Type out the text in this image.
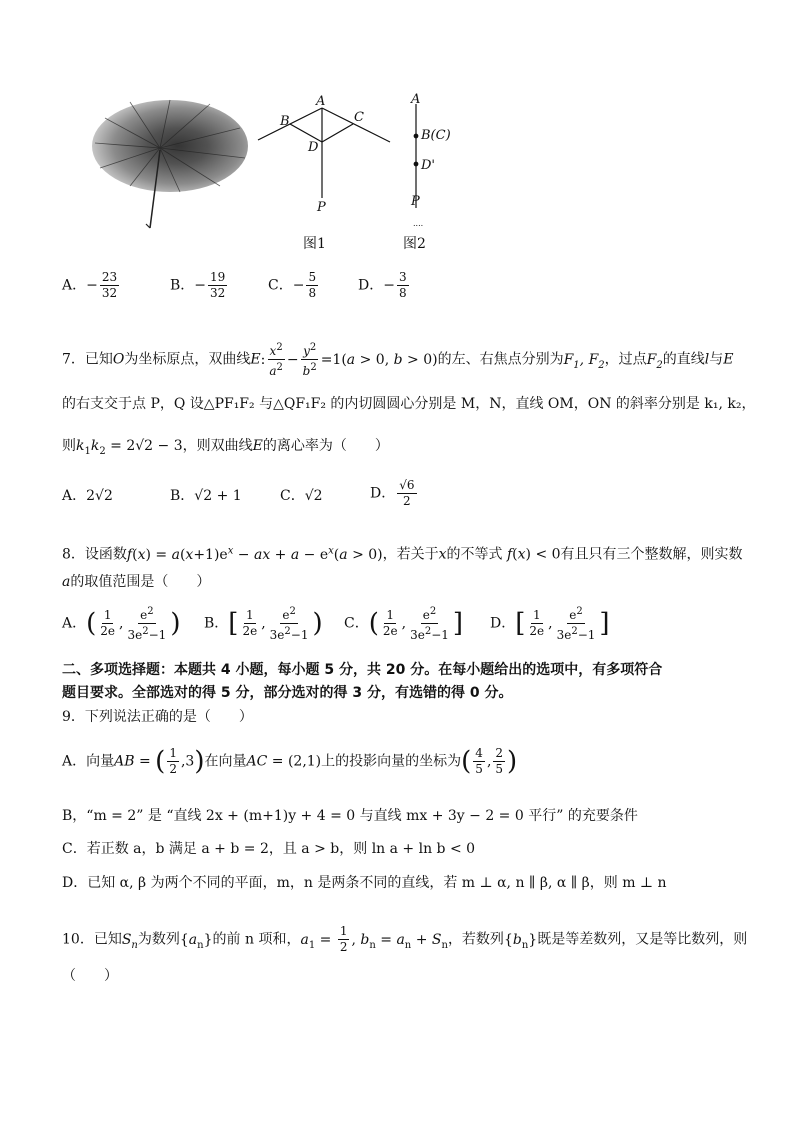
A
B	C
D
P
A
B(C)
D'
P
....
图1	图2
A．− $\frac{23}{32}$	B．− $\frac{19}{32}$	C．− $\frac{5}{8}$	D．− $\frac{3}{8}$
7．已知O为坐标原点，双曲线E: $\frac{x^2}{a^2} - \frac{y^2}{b^2} =1(a > 0$, b > 0)的左、右焦点分别为$F_1$, $F_2$，过点$F_2$的直线l与E
的右支交于点 P，Q 设△PF₁F₂ 与△QF₁F₂ 的内切圆圆心分别是 M，N，直线 OM，ON 的斜率分别是 k₁, k₂，
则$k_1k_2 = 2√2 - 3$，则双曲线E的离心率为（　　）
A．2√2	B．√2 + 1	C．√2	D． $\frac{√6}{2}$
8．设函数$f(x) = a(x+1)e^x$ − ax + $a - e^x(a > 0)$，若关于x的不等式 f(x) < 0有且只有三个整数解，则实数
a的取值范围是（　　）
A．( $\frac{1}{2e}$ , $\frac{e^2}{3e^2-1}$ ) B．[ $\frac{1}{2e}$ , $\frac{e^2}{3e^2-1}$ ) C．( $\frac{1}{2e}$ , $\frac{e^2}{3e^2-1}$ ] D．[ $\frac{1}{2e}$ , $\frac{e^2}{3e^2-1}$ ]
二、多项选择题：本题共 4 小题，每小题 5 分，共 20 分。在每小题给出的选项中，有多项符合
题目要求。全部选对的得 5 分，部分选对的得 3 分，有选错的得 0 分。
9．下列说法正确的是（　　）
A．向量AB = ( $\frac{1}{2} ,3$)在向量AC = (2,1)上的投影向量的坐标为( $\frac{4}{5}$ , $\frac{2}{5}$ )
B，“m = 2” 是 “直线 2x + (m+1)y + 4 = 0 与直线 mx + 3y − 2 = 0 平行” 的充要条件
C．若正数 a，b 满足 a + b = 2，且 a > b，则 ln a + ln b < 0
D．已知 α, β 为两个不同的平面，m，n 是两条不同的直线，若 m ⊥ α, n ∥ β, α ∥ β，则 m ⊥ n
10．已知$S_n$为数列$\{a_n\}$的前 n 项和，$a_1 = \frac{1}{2}$ , $b_n = a_n + S_n$，若数列$\{b_n\}$既是等差数列，又是等比数列，则
（　　）
